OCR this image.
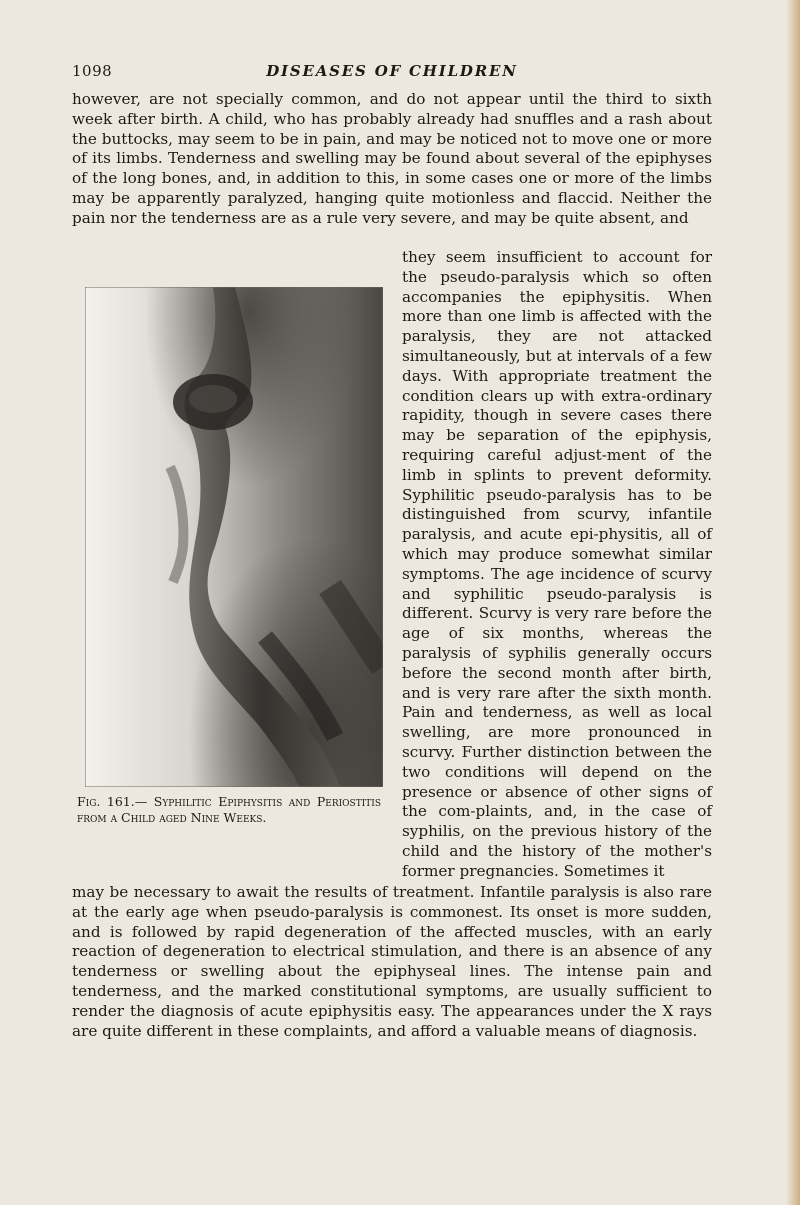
1098	DISEASES OF CHILDREN

however, are not specially common, and do not appear until the third to sixth week after birth. A child, who has probably already had snuffles and a rash about the buttocks, may seem to be in pain, and may be noticed not to move one or more of its limbs. Tenderness and swelling may be found about several of the epiphyses of the long bones, and, in addition to this, in some cases one or more of the limbs may be apparently paralyzed, hanging quite motionless and flaccid. Neither the pain nor the tenderness are as a rule very severe, and may be quite absent, and

Fig. 161.— Syphilitic Epiphysitis and Periostitis from a Child aged Nine Weeks.

they seem insufficient to account for the pseudo-paralysis which so often accompanies the epiphysitis. When more than one limb is affected with the paralysis, they are not attacked simultaneously, but at intervals of a few days. With appropriate treatment the condition clears up with extra-ordinary rapidity, though in severe cases there may be separation of the epiphysis, requiring careful adjust-ment of the limb in splints to prevent deformity. Syphilitic pseudo-paralysis has to be distinguished from scurvy, infantile paralysis, and acute epi-physitis, all of which may produce somewhat similar symptoms. The age incidence of scurvy and syphilitic pseudo-paralysis is different. Scurvy is very rare before the age of six months, whereas the paralysis of syphilis generally occurs before the second month after birth, and is very rare after the sixth month. Pain and tenderness, as well as local swelling, are more pronounced in scurvy. Further distinction between the two conditions will depend on the presence or absence of other signs of the com-plaints, and, in the case of syphilis, on the previous history of the child and the history of the mother's former pregnancies. Sometimes it

may be necessary to await the results of treatment. Infantile paralysis is also rare at the early age when pseudo-paralysis is commonest. Its onset is more sudden, and is followed by rapid degeneration of the affected muscles, with an early reaction of degeneration to electrical stimulation, and there is an absence of any tenderness or swelling about the epiphyseal lines. The intense pain and tenderness, and the marked constitutional symptoms, are usually sufficient to render the diagnosis of acute epiphysitis easy. The appearances under the X rays are quite different in these complaints, and afford a valuable means of diagnosis.
